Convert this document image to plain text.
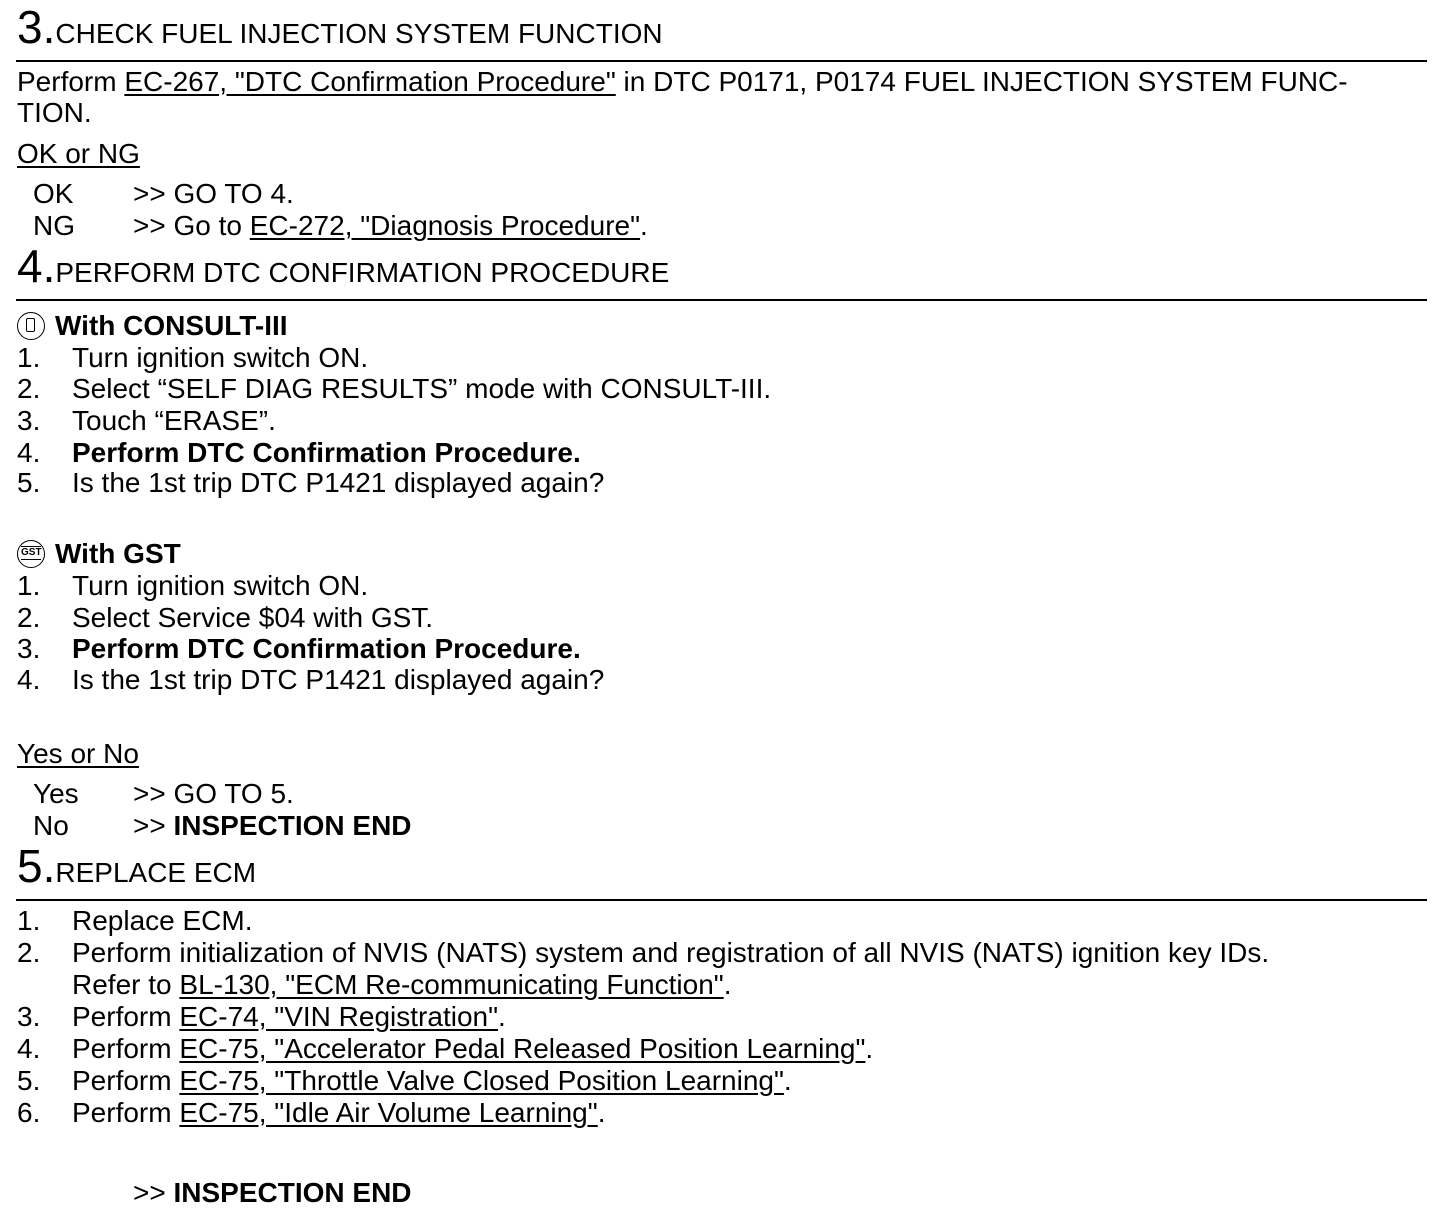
3.CHECK FUEL INJECTION SYSTEM FUNCTION
Perform EC-267, "DTC Confirmation Procedure" in DTC P0171, P0174 FUEL INJECTION SYSTEM FUNC-
TION.
OK or NG
OK >> GO TO 4.
NG >> Go to EC-272, "Diagnosis Procedure".
4.PERFORM DTC CONFIRMATION PROCEDURE
With CONSULT-III
1. Turn ignition switch ON.
2. Select “SELF DIAG RESULTS” mode with CONSULT-III.
3. Touch “ERASE”.
4. Perform DTC Confirmation Procedure.
5. Is the 1st trip DTC P1421 displayed again?
GST With GST
1. Turn ignition switch ON.
2. Select Service $04 with GST.
3. Perform DTC Confirmation Procedure.
4. Is the 1st trip DTC P1421 displayed again?
Yes or No
Yes >> GO TO 5.
No >> INSPECTION END
5.REPLACE ECM
1. Replace ECM.
2. Perform initialization of NVIS (NATS) system and registration of all NVIS (NATS) ignition key IDs.
Refer to BL-130, "ECM Re-communicating Function".
3. Perform EC-74, "VIN Registration".
4. Perform EC-75, "Accelerator Pedal Released Position Learning".
5. Perform EC-75, "Throttle Valve Closed Position Learning".
6. Perform EC-75, "Idle Air Volume Learning".
>> INSPECTION END
